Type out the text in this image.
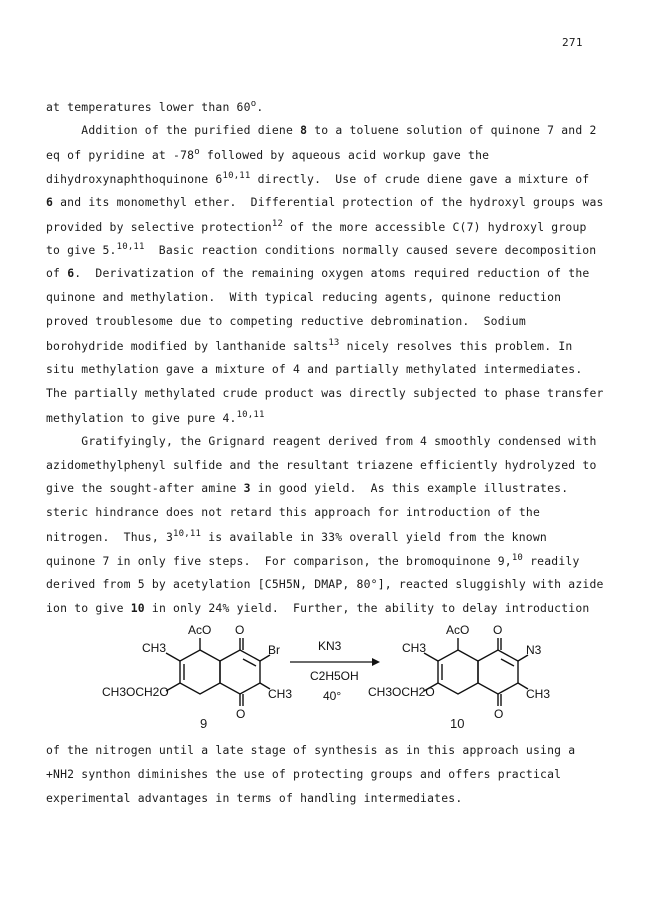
271
at temperatures lower than 60$^o$.
Addition of the purified diene 8 to a toluene solution of quinone 7 and 2
eq of pyridine at -78$^o$ followed by aqueous acid workup gave the
dihydroxynaphthoquinone 6$^{10,11}$ directly.  Use of crude diene gave a mixture of
6 and its monomethyl ether.  Differential protection of the hydroxyl groups was
provided by selective protection$^{12}$ of the more accessible C(7) hydroxyl group
to give 5.$^{10,11}$  Basic reaction conditions normally caused severe decomposition
of 6.  Derivatization of the remaining oxygen atoms required reduction of the
quinone and methylation.  With typical reducing agents, quinone reduction
proved troublesome due to competing reductive debromination.  Sodium
borohydride modified by lanthanide salts$^{13}$ nicely resolves this problem. In
situ methylation gave a mixture of 4 and partially methylated intermediates.
The partially methylated crude product was directly subjected to phase transfer
methylation to give pure 4.$^{10,11}$
Gratifyingly, the Grignard reagent derived from 4 smoothly condensed with
azidomethylphenyl sulfide and the resultant triazene efficiently hydrolyzed to
give the sought-after amine 3 in good yield.  As this example illustrates.
steric hindrance does not retard this approach for introduction of the
nitrogen.  Thus, 3$^{10,11}$ is available in 33% overall yield from the known
quinone 7 in only five steps.  For comparison, the bromoquinone 9,10 readily
derived from 5 by acetylation [C5H5N, DMAP, 80°], reacted sluggishly with azide
ion to give 10 in only 24% yield.  Further, the ability to delay introduction
AcO O
CH3	Br
CH3OCH2O	CH3
O
KN3
C2H5OH
40°
AcO O
CH3	N3
CH3OCH2O	CH3
O
9	10
of the nitrogen until a late stage of synthesis as in this approach using a
+NH2 synthon diminishes the use of protecting groups and offers practical
experimental advantages in terms of handling intermediates.
